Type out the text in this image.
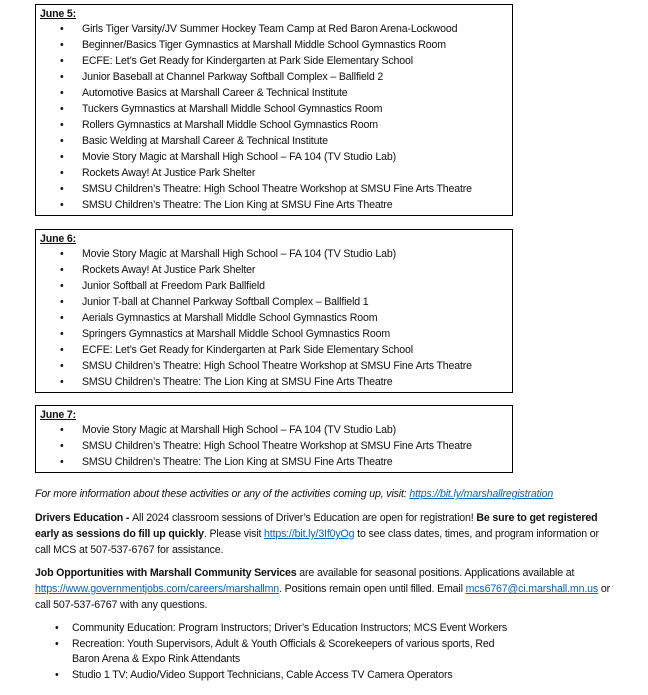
June 5:
• Girls Tiger Varsity/JV Summer Hockey Team Camp at Red Baron Arena-Lockwood
• Beginner/Basics Tiger Gymnastics at Marshall Middle School Gymnastics Room
• ECFE: Let’s Get Ready for Kindergarten at Park Side Elementary School
• Junior Baseball at Channel Parkway Softball Complex – Ballfield 2
• Automotive Basics at Marshall Career & Technical Institute
• Tuckers Gymnastics at Marshall Middle School Gymnastics Room
• Rollers Gymnastics at Marshall Middle School Gymnastics Room
• Basic Welding at Marshall Career & Technical Institute
• Movie Story Magic at Marshall High School – FA 104 (TV Studio Lab)
• Rockets Away! At Justice Park Shelter
• SMSU Children’s Theatre: High School Theatre Workshop at SMSU Fine Arts Theatre
• SMSU Children’s Theatre: The Lion King at SMSU Fine Arts Theatre
June 6:
• Movie Story Magic at Marshall High School – FA 104 (TV Studio Lab)
• Rockets Away! At Justice Park Shelter
• Junior Softball at Freedom Park Ballfield
• Junior T-ball at Channel Parkway Softball Complex – Ballfield 1
• Aerials Gymnastics at Marshall Middle School Gymnastics Room
• Springers Gymnastics at Marshall Middle School Gymnastics Room
• ECFE: Let’s Get Ready for Kindergarten at Park Side Elementary School
• SMSU Children’s Theatre: High School Theatre Workshop at SMSU Fine Arts Theatre
• SMSU Children’s Theatre: The Lion King at SMSU Fine Arts Theatre
June 7:
• Movie Story Magic at Marshall High School – FA 104 (TV Studio Lab)
• SMSU Children’s Theatre: High School Theatre Workshop at SMSU Fine Arts Theatre
• SMSU Children’s Theatre: The Lion King at SMSU Fine Arts Theatre
For more information about these activities or any of the activities coming up, visit: https://bit.ly/marshallregistration
Drivers Education - All 2024 classroom sessions of Driver’s Education are open for registration! Be sure to get registered early as sessions do fill up quickly. Please visit https://bit.ly/3If0yOg to see class dates, times, and program information or call MCS at 507-537-6767 for assistance.
Job Opportunities with Marshall Community Services are available for seasonal positions. Applications available at https://www.governmentjobs.com/careers/marshallmn. Positions remain open until filled. Email mcs6767@ci.marshall.mn.us or call 507-537-6767 with any questions.
• Community Education: Program Instructors; Driver’s Education Instructors; MCS Event Workers
• Recreation: Youth Supervisors, Adult & Youth Officials & Scorekeepers of various sports, Red Baron Arena & Expo Rink Attendants
• Studio 1 TV: Audio/Video Support Technicians, Cable Access TV Camera Operators
